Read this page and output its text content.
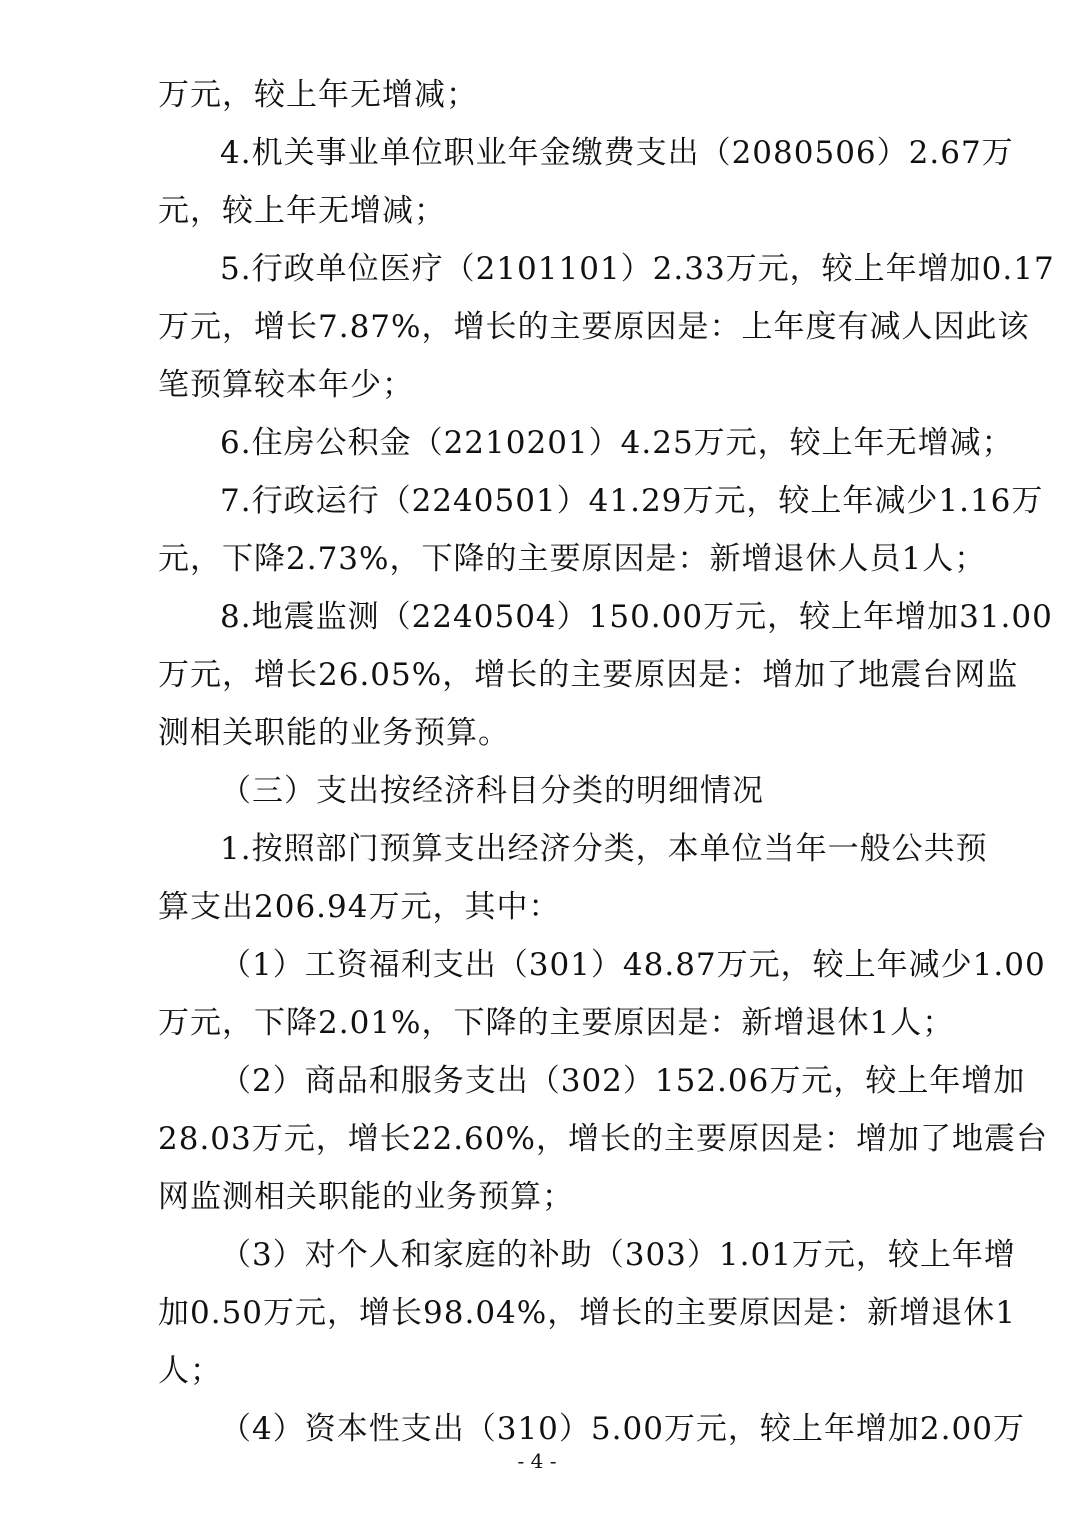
万元，较上年无增减；
4.机关事业单位职业年金缴费支出（2080506）2.67万
元，较上年无增减；
5.行政单位医疗（2101101）2.33万元，较上年增加0.17
万元，增长7.87%，增长的主要原因是：上年度有减人因此该
笔预算较本年少；
6.住房公积金（2210201）4.25万元，较上年无增减；
7.行政运行（2240501）41.29万元，较上年减少1.16万
元，下降2.73%，下降的主要原因是：新增退休人员1人；
8.地震监测（2240504）150.00万元，较上年增加31.00
万元，增长26.05%，增长的主要原因是：增加了地震台网监
测相关职能的业务预算。
（三）支出按经济科目分类的明细情况
1.按照部门预算支出经济分类，本单位当年一般公共预
算支出206.94万元，其中：
（1）工资福利支出（301）48.87万元，较上年减少1.00
万元，下降2.01%，下降的主要原因是：新增退休1人；
（2）商品和服务支出（302）152.06万元，较上年增加
28.03万元，增长22.60%，增长的主要原因是：增加了地震台
网监测相关职能的业务预算；
（3）对个人和家庭的补助（303）1.01万元，较上年增
加0.50万元，增长98.04%，增长的主要原因是：新增退休1
人；
（4）资本性支出（310）5.00万元，较上年增加2.00万
- 4 -
